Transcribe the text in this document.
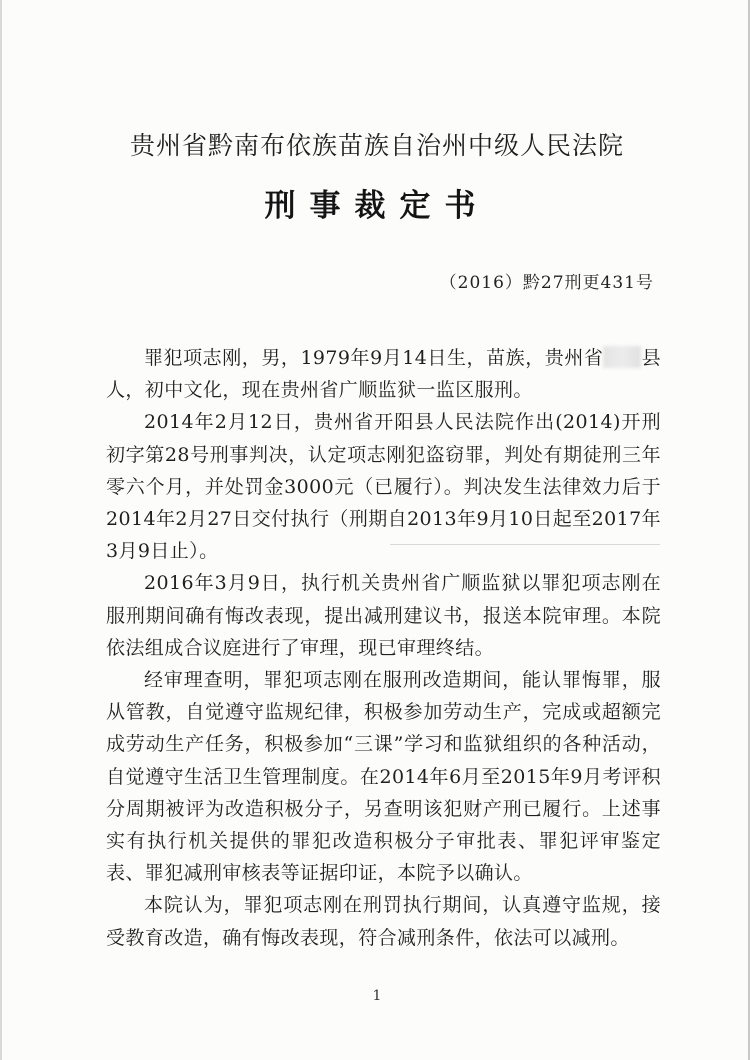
贵州省黔南布依族苗族自治州中级人民法院
刑事裁定书
（2016）黔27刑更431号

罪犯项志刚，男，1979年9月14日生，苗族，贵州省 县人，初中文化，现在贵州省广顺监狱一监区服刑。

2014年2月12日，贵州省开阳县人民法院作出(2014)开刑初字第28号刑事判决，认定项志刚犯盗窃罪，判处有期徒刑三年零六个月，并处罚金3000元（已履行）。判决发生法律效力后于2014年2月27日交付执行（刑期自2013年9月10日起至2017年3月9日止）。

2016年3月9日，执行机关贵州省广顺监狱以罪犯项志刚在服刑期间确有悔改表现，提出减刑建议书，报送本院审理。本院依法组成合议庭进行了审理，现已审理终结。

经审理查明，罪犯项志刚在服刑改造期间，能认罪悔罪，服从管教，自觉遵守监规纪律，积极参加劳动生产，完成或超额完成劳动生产任务，积极参加“三课”学习和监狱组织的各种活动，自觉遵守生活卫生管理制度。在2014年6月至2015年9月考评积分周期被评为改造积极分子，另查明该犯财产刑已履行。上述事实有执行机关提供的罪犯改造积极分子审批表、罪犯评审鉴定表、罪犯减刑审核表等证据印证，本院予以确认。

本院认为，罪犯项志刚在刑罚执行期间，认真遵守监规，接受教育改造，确有悔改表现，符合减刑条件，依法可以减刑。

1
